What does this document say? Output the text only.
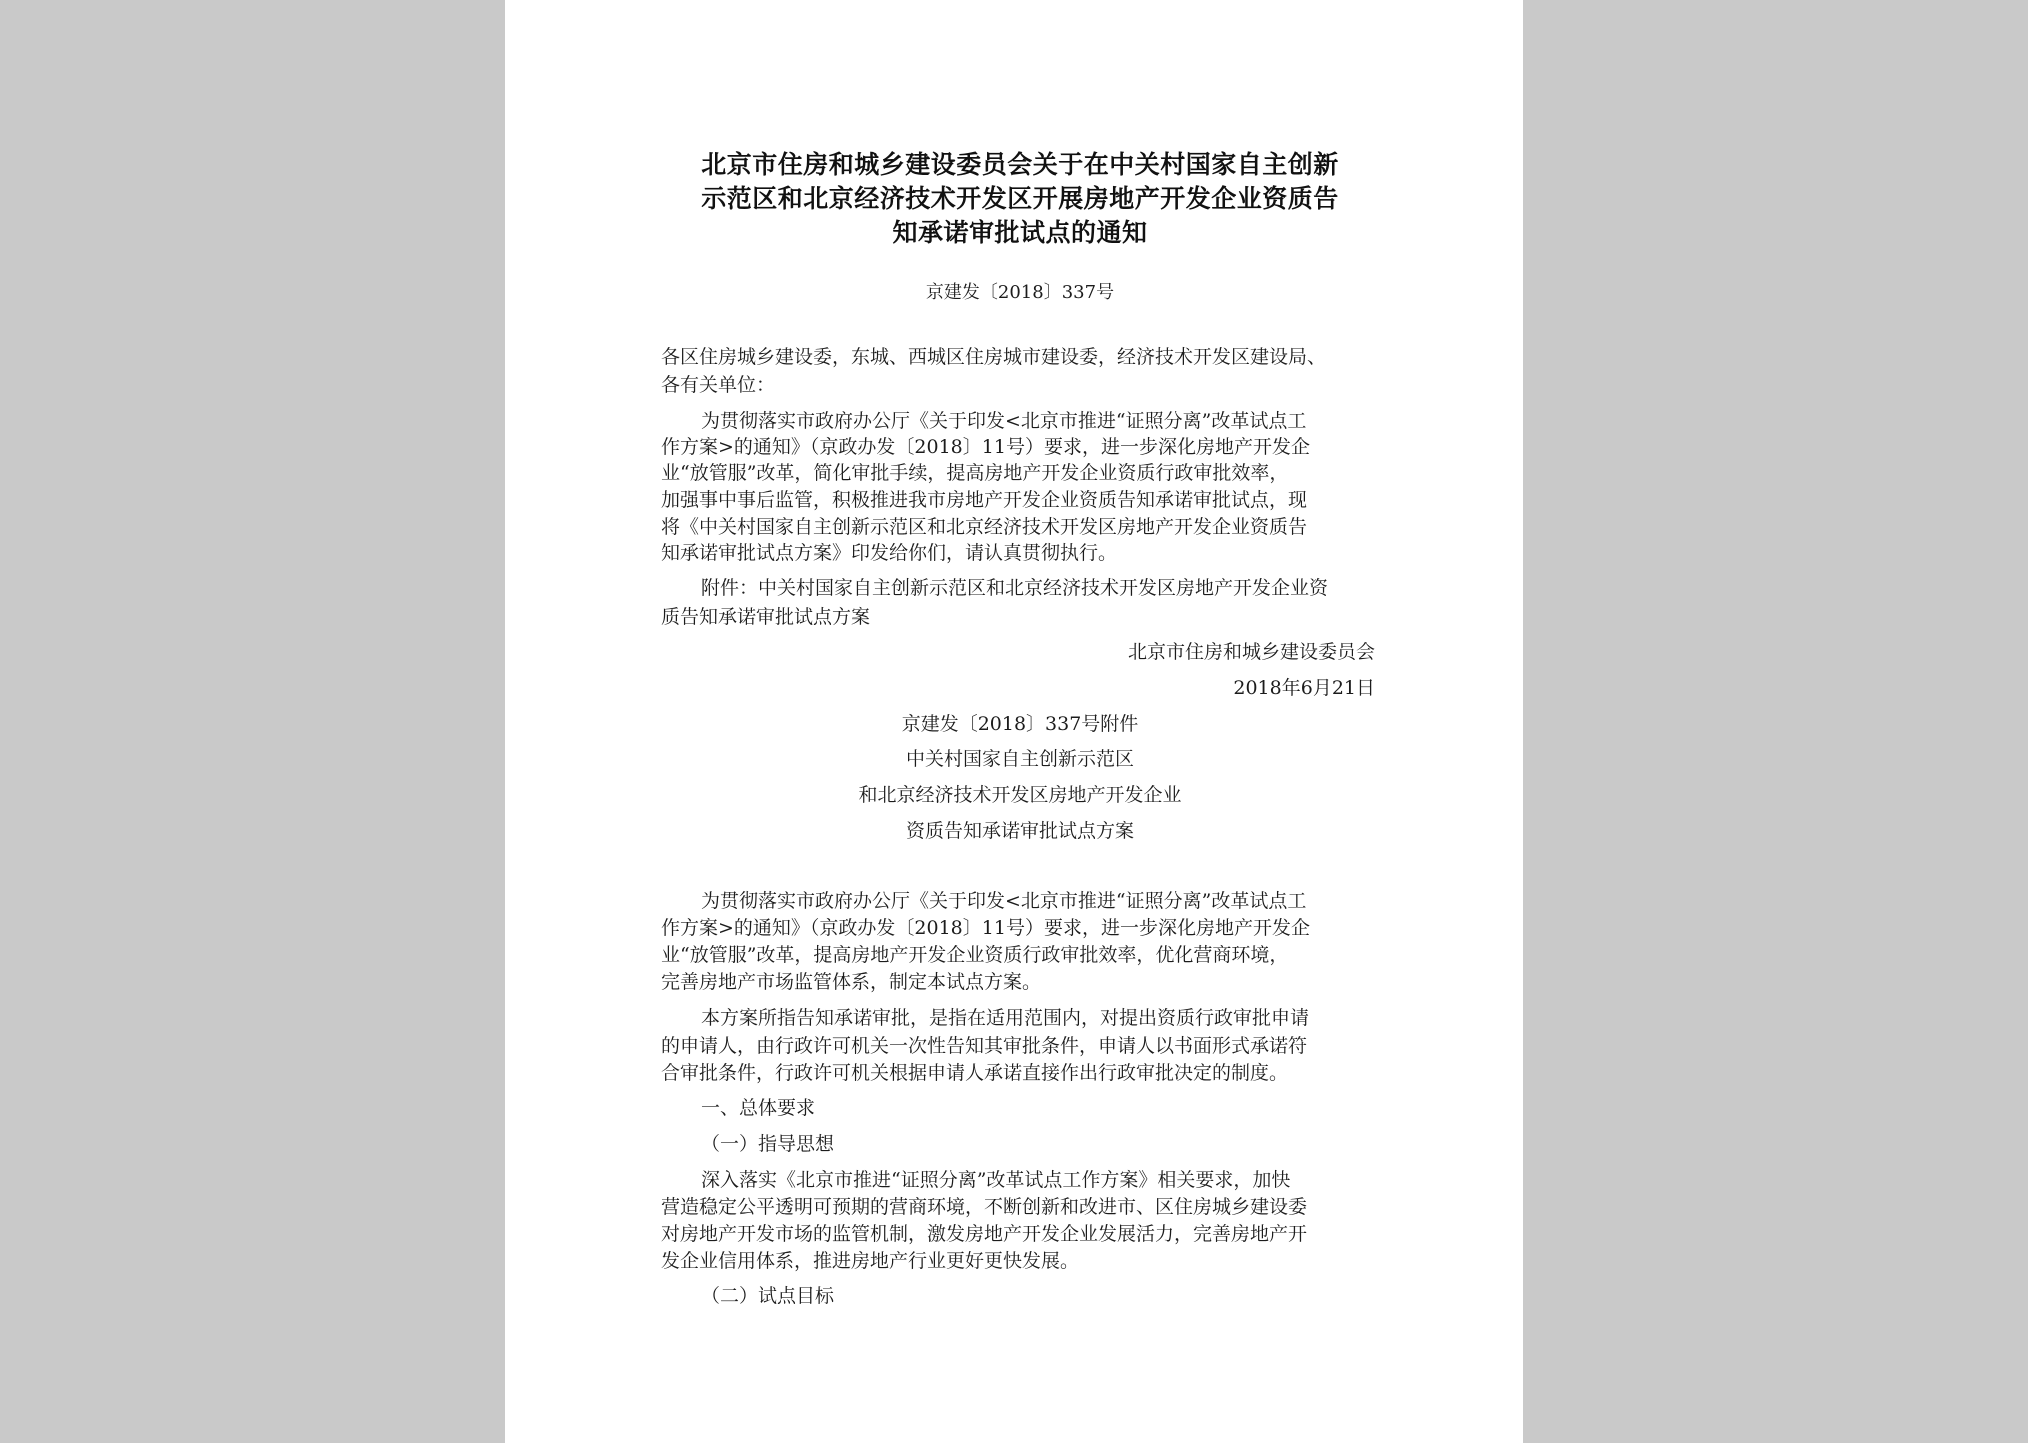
北京市住房和城乡建设委员会关于在中关村国家自主创新
示范区和北京经济技术开发区开展房地产开发企业资质告
知承诺审批试点的通知
京建发〔2018〕337号
各区住房城乡建设委，东城、西城区住房城市建设委，经济技术开发区建设局、
各有关单位：
为贯彻落实市政府办公厅《关于印发<北京市推进“证照分离”改革试点工
作方案>的通知》（京政办发〔2018〕11号）要求，进一步深化房地产开发企
业“放管服”改革，简化审批手续，提高房地产开发企业资质行政审批效率，
加强事中事后监管，积极推进我市房地产开发企业资质告知承诺审批试点，现
将《中关村国家自主创新示范区和北京经济技术开发区房地产开发企业资质告
知承诺审批试点方案》印发给你们，请认真贯彻执行。
附件：中关村国家自主创新示范区和北京经济技术开发区房地产开发企业资
质告知承诺审批试点方案
北京市住房和城乡建设委员会
2018年6月21日
京建发〔2018〕337号附件
中关村国家自主创新示范区
和北京经济技术开发区房地产开发企业
资质告知承诺审批试点方案
为贯彻落实市政府办公厅《关于印发<北京市推进“证照分离”改革试点工
作方案>的通知》（京政办发〔2018〕11号）要求，进一步深化房地产开发企
业“放管服”改革，提高房地产开发企业资质行政审批效率，优化营商环境，
完善房地产市场监管体系，制定本试点方案。
本方案所指告知承诺审批，是指在适用范围内，对提出资质行政审批申请
的申请人，由行政许可机关一次性告知其审批条件，申请人以书面形式承诺符
合审批条件，行政许可机关根据申请人承诺直接作出行政审批决定的制度。
一、总体要求
（一）指导思想
深入落实《北京市推进“证照分离”改革试点工作方案》相关要求，加快
营造稳定公平透明可预期的营商环境，不断创新和改进市、区住房城乡建设委
对房地产开发市场的监管机制，激发房地产开发企业发展活力，完善房地产开
发企业信用体系，推进房地产行业更好更快发展。
（二）试点目标
